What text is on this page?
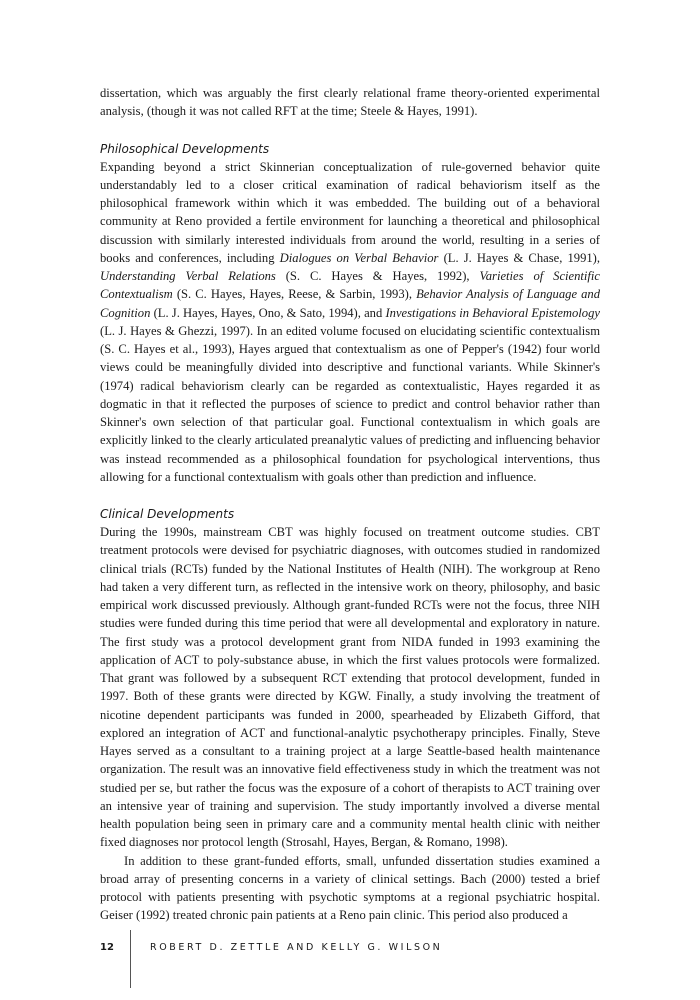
dissertation, which was arguably the first clearly relational frame theory-oriented experimental analysis, (though it was not called RFT at the time; Steele & Hayes, 1991).

Philosophical Developments

Expanding beyond a strict Skinnerian conceptualization of rule-governed behavior quite understandably led to a closer critical examination of radical behaviorism itself as the philosophical framework within which it was embedded. The building out of a behavioral community at Reno provided a fertile environment for launching a theoretical and philosophical discussion with similarly interested individuals from around the world, resulting in a series of books and conferences, including Dialogues on Verbal Behavior (L. J. Hayes & Chase, 1991), Understanding Verbal Relations (S. C. Hayes & Hayes, 1992), Varieties of Scientific Contextualism (S. C. Hayes, Hayes, Reese, & Sarbin, 1993), Behavior Analysis of Language and Cognition (L. J. Hayes, Hayes, Ono, & Sato, 1994), and Investigations in Behavioral Epistemology (L. J. Hayes & Ghezzi, 1997). In an edited volume focused on elucidating scientific contextualism (S. C. Hayes et al., 1993), Hayes argued that contextualism as one of Pepper's (1942) four world views could be meaningfully divided into descriptive and functional variants. While Skinner's (1974) radical behaviorism clearly can be regarded as contextualistic, Hayes regarded it as dogmatic in that it reflected the purposes of science to predict and control behavior rather than Skinner's own selection of that particular goal. Functional contextualism in which goals are explicitly linked to the clearly articulated preanalytic values of predicting and influencing behavior was instead recommended as a philosophical foundation for psychological interventions, thus allowing for a functional contextualism with goals other than prediction and influence.

Clinical Developments

During the 1990s, mainstream CBT was highly focused on treatment outcome studies. CBT treatment protocols were devised for psychiatric diagnoses, with outcomes studied in randomized clinical trials (RCTs) funded by the National Institutes of Health (NIH). The workgroup at Reno had taken a very different turn, as reflected in the intensive work on theory, philosophy, and basic empirical work discussed previously. Although grant-funded RCTs were not the focus, three NIH studies were funded during this time period that were all developmental and exploratory in nature. The first study was a protocol development grant from NIDA funded in 1993 examining the application of ACT to poly-substance abuse, in which the first values protocols were formalized. That grant was followed by a subsequent RCT extending that protocol development, funded in 1997. Both of these grants were directed by KGW. Finally, a study involving the treatment of nicotine dependent participants was funded in 2000, spearheaded by Elizabeth Gifford, that explored an integration of ACT and functional-analytic psychotherapy principles. Finally, Steve Hayes served as a consultant to a training project at a large Seattle-based health maintenance organization. The result was an innovative field effectiveness study in which the treatment was not studied per se, but rather the focus was the exposure of a cohort of therapists to ACT training over an intensive year of training and supervision. The study importantly involved a diverse mental health population being seen in primary care and a community mental health clinic with neither fixed diagnoses nor protocol length (Strosahl, Hayes, Bergan, & Romano, 1998).

In addition to these grant-funded efforts, small, unfunded dissertation studies examined a broad array of presenting concerns in a variety of clinical settings. Bach (2000) tested a brief protocol with patients presenting with psychotic symptoms at a regional psychiatric hospital. Geiser (1992) treated chronic pain patients at a Reno pain clinic. This period also produced a

12	ROBERT D. ZETTLE AND KELLY G. WILSON
